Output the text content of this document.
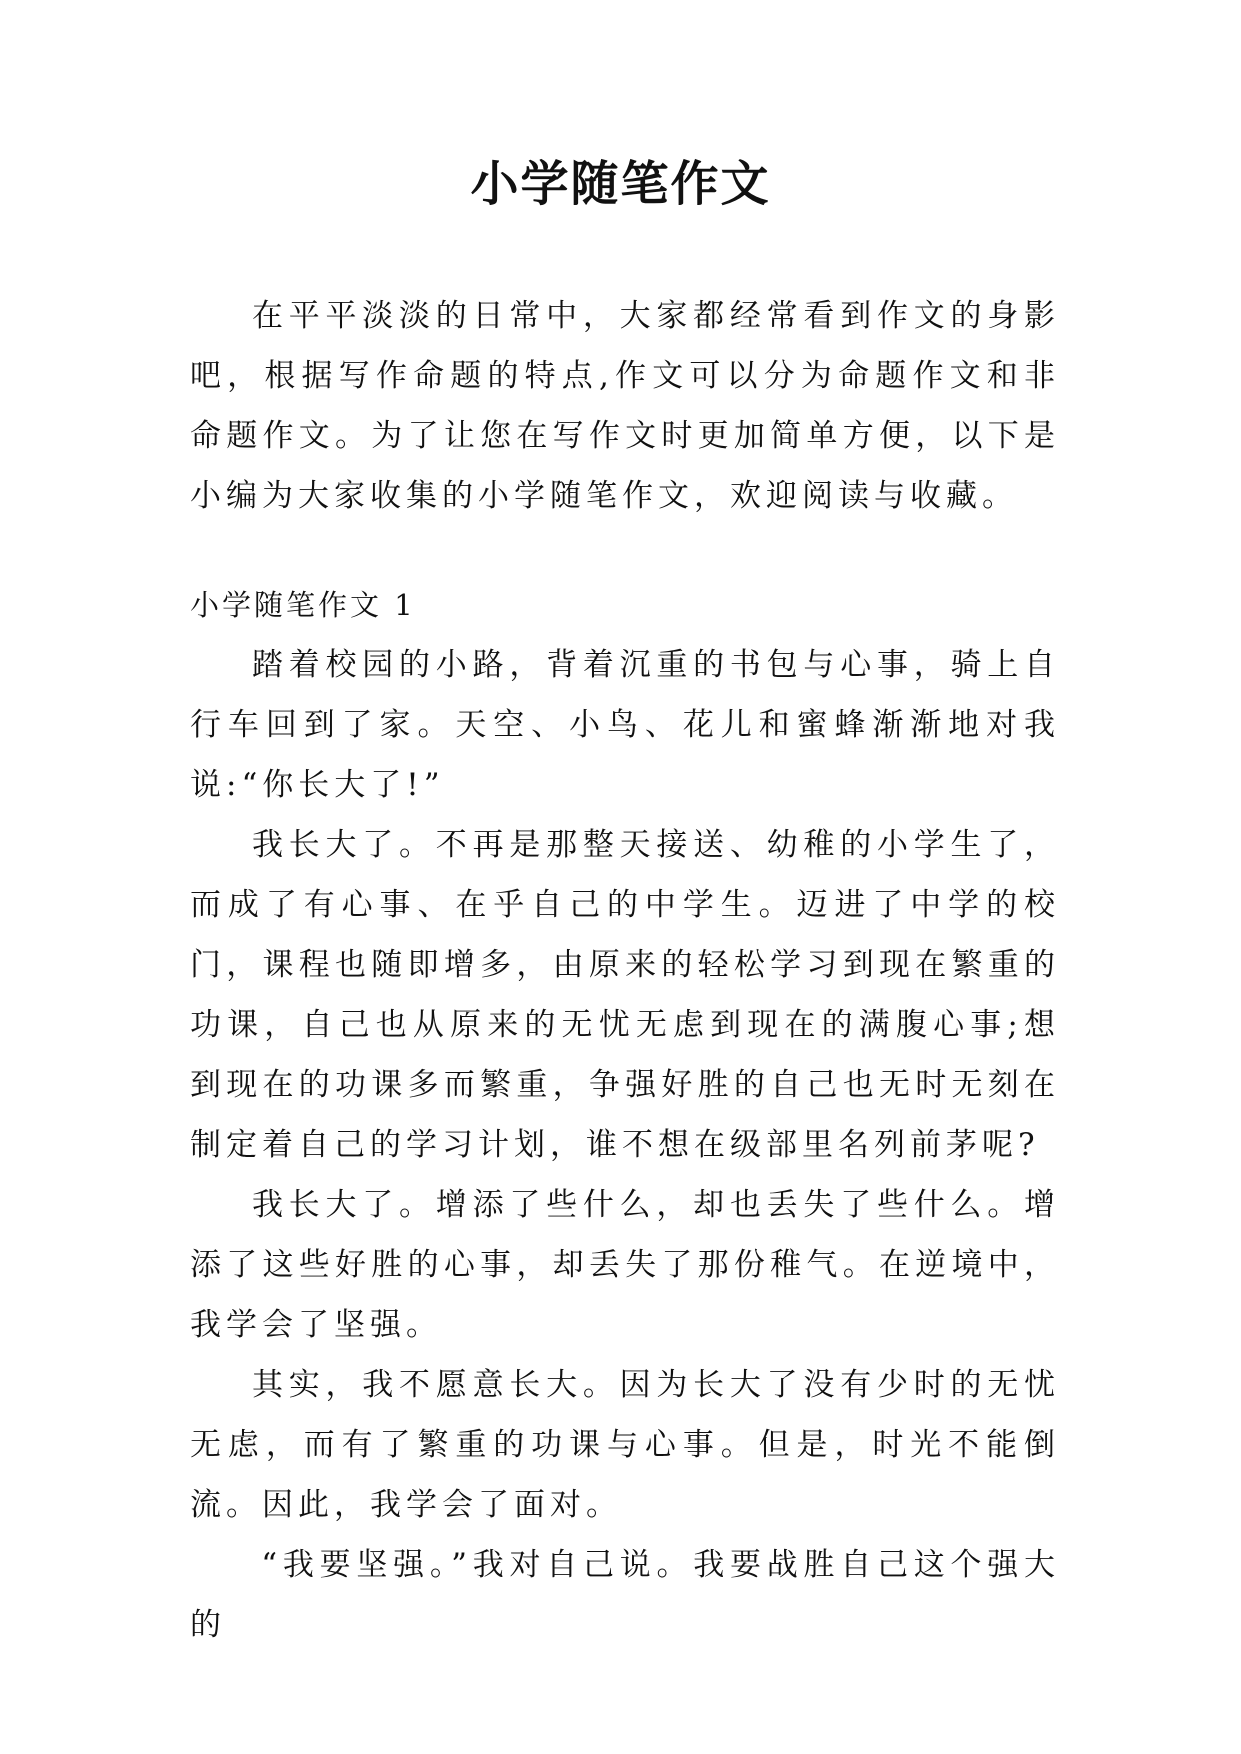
小学随笔作文

在平平淡淡的日常中，大家都经常看到作文的身影吧，根据写作命题的特点,作文可以分为命题作文和非命题作文。为了让您在写作文时更加简单方便，以下是小编为大家收集的小学随笔作文，欢迎阅读与收藏。

小学随笔作文 1

踏着校园的小路，背着沉重的书包与心事，骑上自行车回到了家。天空、小鸟、花儿和蜜蜂渐渐地对我说:“你长大了!”

我长大了。不再是那整天接送、幼稚的小学生了，而成了有心事、在乎自己的中学生。迈进了中学的校门，课程也随即增多，由原来的轻松学习到现在繁重的功课，自己也从原来的无忧无虑到现在的满腹心事;想到现在的功课多而繁重，争强好胜的自己也无时无刻在制定着自己的学习计划，谁不想在级部里名列前茅呢?

我长大了。增添了些什么，却也丢失了些什么。增添了这些好胜的心事，却丢失了那份稚气。在逆境中，我学会了坚强。

其实，我不愿意长大。因为长大了没有少时的无忧无虑，而有了繁重的功课与心事。但是，时光不能倒流。因此，我学会了面对。

“我要坚强。”我对自己说。我要战胜自己这个强大的
